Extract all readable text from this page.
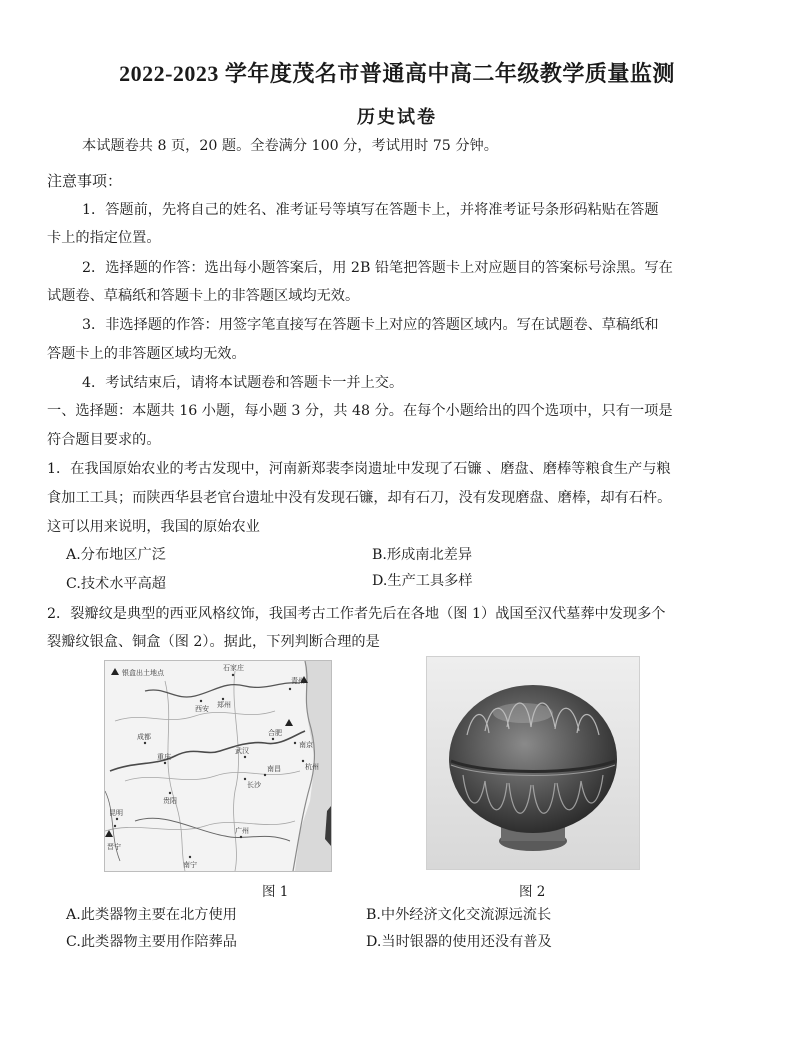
2022-2023 学年度茂名市普通高中高二年级教学质量监测
历史试卷
本试题卷共 8 页，20 题。全卷满分 100 分，考试用时 75 分钟。
注意事项：
1．答题前，先将自己的姓名、准考证号等填写在答题卡上，并将准考证号条形码粘贴在答题
卡上的指定位置。
2．选择题的作答：选出每小题答案后，用 2B 铅笔把答题卡上对应题目的答案标号涂黑。写在
试题卷、草稿纸和答题卡上的非答题区域均无效。
3．非选择题的作答：用签字笔直接写在答题卡上对应的答题区域内。写在试题卷、草稿纸和
答题卡上的非答题区域均无效。
4．考试结束后，请将本试题卷和答题卡一并上交。
一、选择题：本题共 16 小题，每小题 3 分，共 48 分。在每个小题给出的四个选项中，只有一项是
符合题目要求的。
1．在我国原始农业的考古发现中，河南新郑裴李岗遗址中发现了石镰 、磨盘、磨棒等粮食生产与粮
食加工工具；而陕西华县老官台遗址中没有发现石镰，却有石刀，没有发现磨盘、磨棒，却有石杵。
这可以用来说明，我国的原始农业
A.分布地区广泛	B.形成南北差异
C.技术水平高超	D.生产工具多样
2．裂瓣纹是典型的西亚风格纹饰，我国考古工作者先后在各地（图 1）战国至汉代墓葬中发现多个
裂瓣纹银盒、铜盒（图 2）。据此，下列判断合理的是
银盒出土地点
石家庄
郑州
西安
青州
成都	合肥
南京
重庆
武汉
杭州
长沙
南昌
贵阳
昆明
晋宁
南宁
广州
图 1	图 2
A.此类器物主要在北方使用	B.中外经济文化交流源远流长
C.此类器物主要用作陪葬品	D.当时银器的使用还没有普及
